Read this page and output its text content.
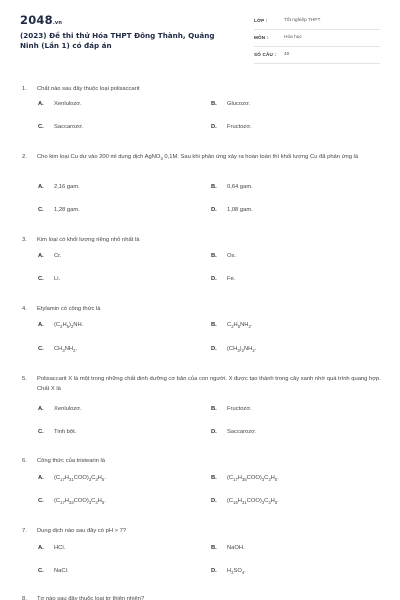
2048.vn
(2023) Đề thi thử Hóa THPT Đông Thành, Quảng Ninh (Lần 1) có đáp án
LỚP :	Tốt nghiệp THPT
MÔN :	Hóa học
SỐ CÂU : 40
1. Chất nào sau đây thuộc loại polisaccarit
A. Xenlulozơ.	B. Glucozơ.
C. Saccarozơ.	D. Fructozơ.
2. Cho kim loại Cu dư vào 200 ml dung dịch AgNO$_3$ 0,1M. Sau khi phản ứng xảy ra hoàn toàn thì khối lượng Cu đã phản ứng là
A. 2,16 gam.	B. 0,64 gam.
C. 1,28 gam.	D. 1,08 gam.
3. Kim loại có khối lượng riêng nhỏ nhất là
A. Cr.	B. Os.
C. Li.	D. Fe.
4. Etylamin có công thức là
A. $(C_2H_5)_2NH$.	B. $C_2H_5NH_2$.
C. $CH_3NH_2$.	D. $(CH_3)_2NH_2$.
5. Polisaccarit X là một trong những chất dinh dưỡng cơ bản của con người. X được tạo thành trong cây xanh nhờ quá trình quang hợp. Chất X là
A. Xenlulozơ.	B. Fructozơ.
C. Tinh bột.	D. Saccarozơ.
6. Công thức của tristearin là
A. $(C_{17}H_{31}COO)_3C_3H_5$.	B. $(C_{17}H_{35}COO)_3C_3H_5$.
C. $(C_{17}H_{33}COO)_3C_3H_5$.	D. $(C_{15}H_{31}COO)_3C_3H_5$.
7. Dung dịch nào sau đây có pH > 7?
A. HCl.	B. NaOH.
C. NaCl.	D. $H_2SO_4$.
8. Tơ nào sau đây thuộc loại tơ thiên nhiên?
